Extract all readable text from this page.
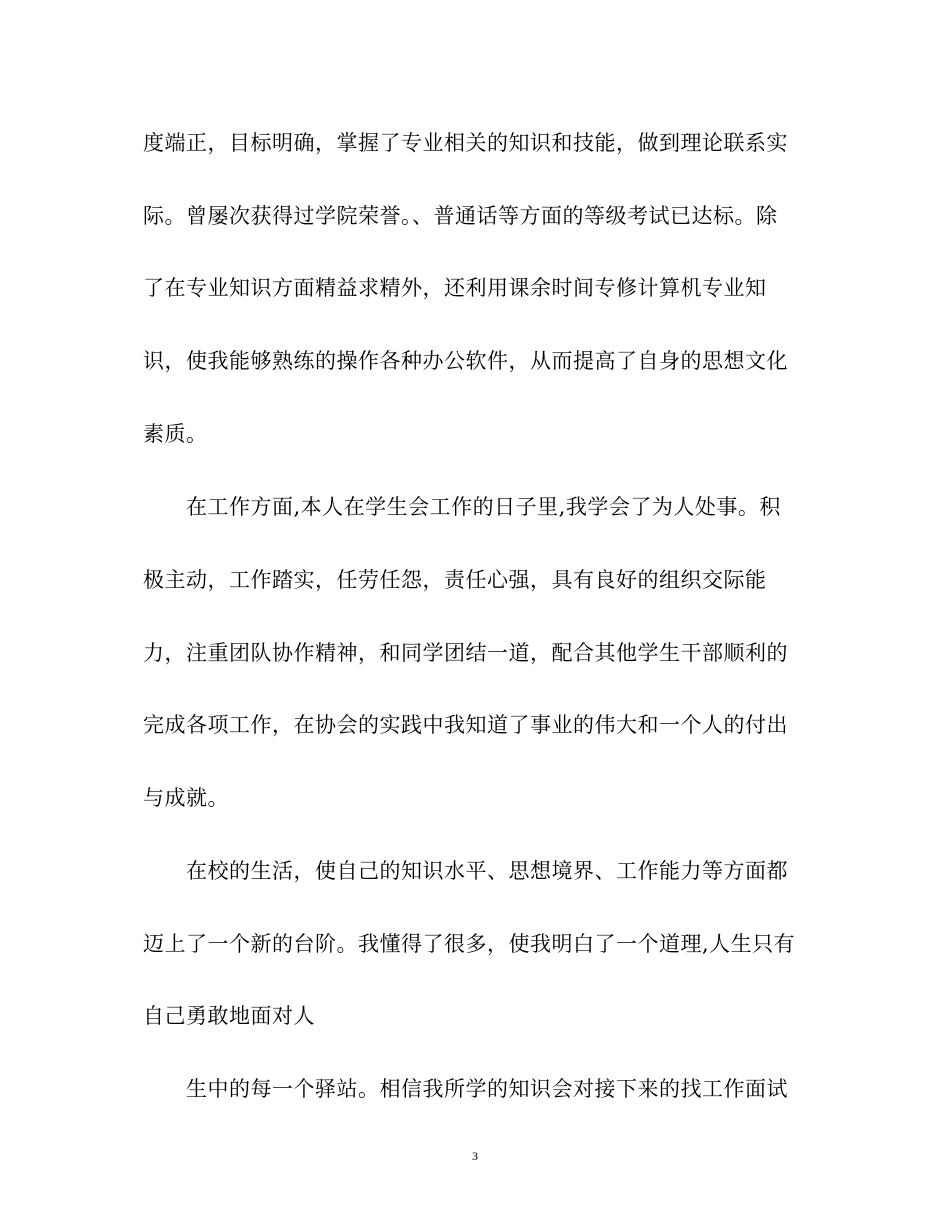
度端正，目标明确，掌握了专业相关的知识和技能，做到理论联系实
际。曾屡次获得过学院荣誉。、普通话等方面的等级考试已达标。除
了在专业知识方面精益求精外，还利用课余时间专修计算机专业知
识，使我能够熟练的操作各种办公软件，从而提高了自身的思想文化
素质。
在工作方面,本人在学生会工作的日子里,我学会了为人处事。积
极主动，工作踏实，任劳任怨，责任心强，具有良好的组织交际能
力，注重团队协作精神，和同学团结一道，配合其他学生干部顺利的
完成各项工作，在协会的实践中我知道了事业的伟大和一个人的付出
与成就。
在校的生活，使自己的知识水平、思想境界、工作能力等方面都
迈上了一个新的台阶。我懂得了很多，使我明白了一个道理,人生只有
自己勇敢地面对人
生中的每一个驿站。相信我所学的知识会对接下来的找工作面试
3
